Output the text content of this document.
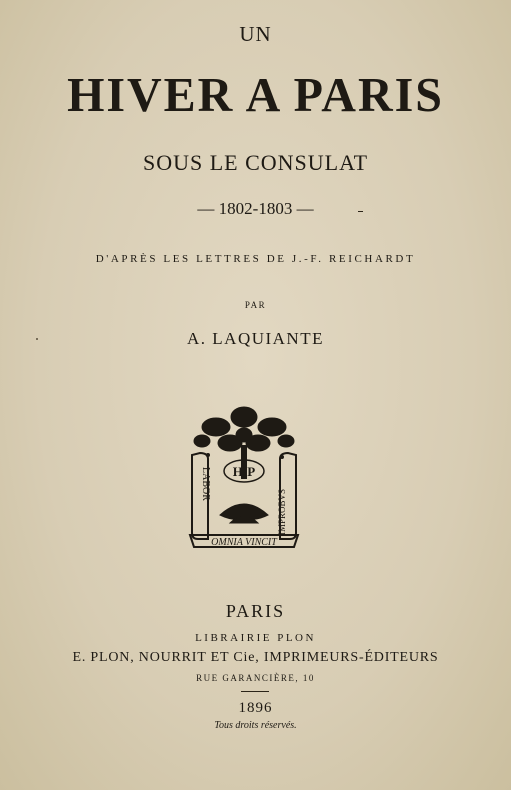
UN
HIVER A PARIS
SOUS LE CONSULAT
— 1802-1803 —
D'APRÈS LES LETTRES DE J.-F. REICHARDT
PAR
A. LAQUIANTE
H·P
LABOR
IMPROBVS
OMNIA VINCIT
PARIS
LIBRAIRIE PLON
E. PLON, NOURRIT ET Cie, IMPRIMEURS-ÉDITEURS
RUE GARANCIÈRE, 10
1896
Tous droits réservés.
